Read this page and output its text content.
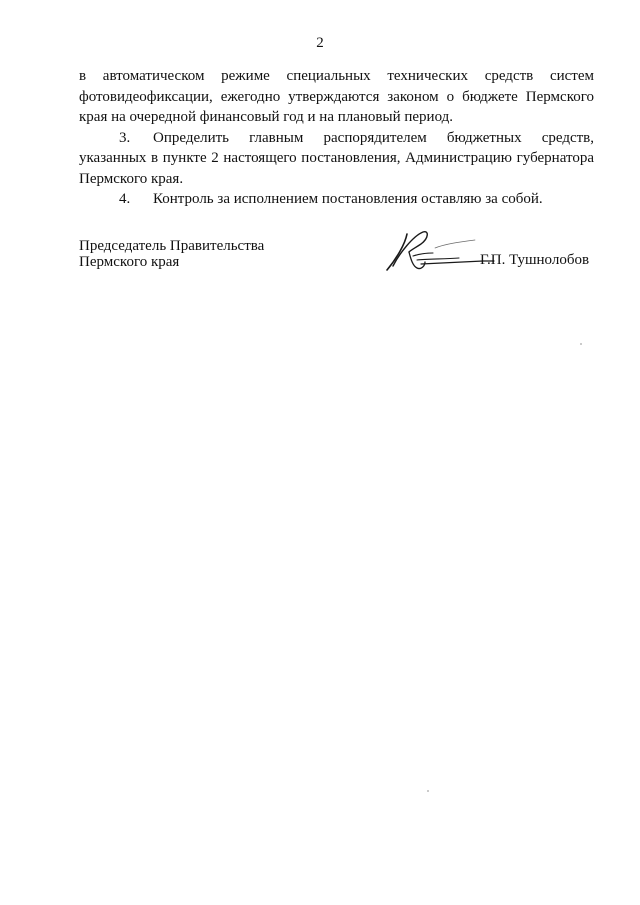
2

в автоматическом режиме специальных технических средств систем фотовидеофиксации, ежегодно утверждаются законом о бюджете Пермского края на очередной финансовый год и на плановый период.

3. Определить главным распорядителем бюджетных средств, указанных в пункте 2 настоящего постановления, Администрацию губернатора Пермского края.

4. Контроль за исполнением постановления оставляю за собой.

Председатель Правительства
Пермского края	Г.П. Тушнолобов
